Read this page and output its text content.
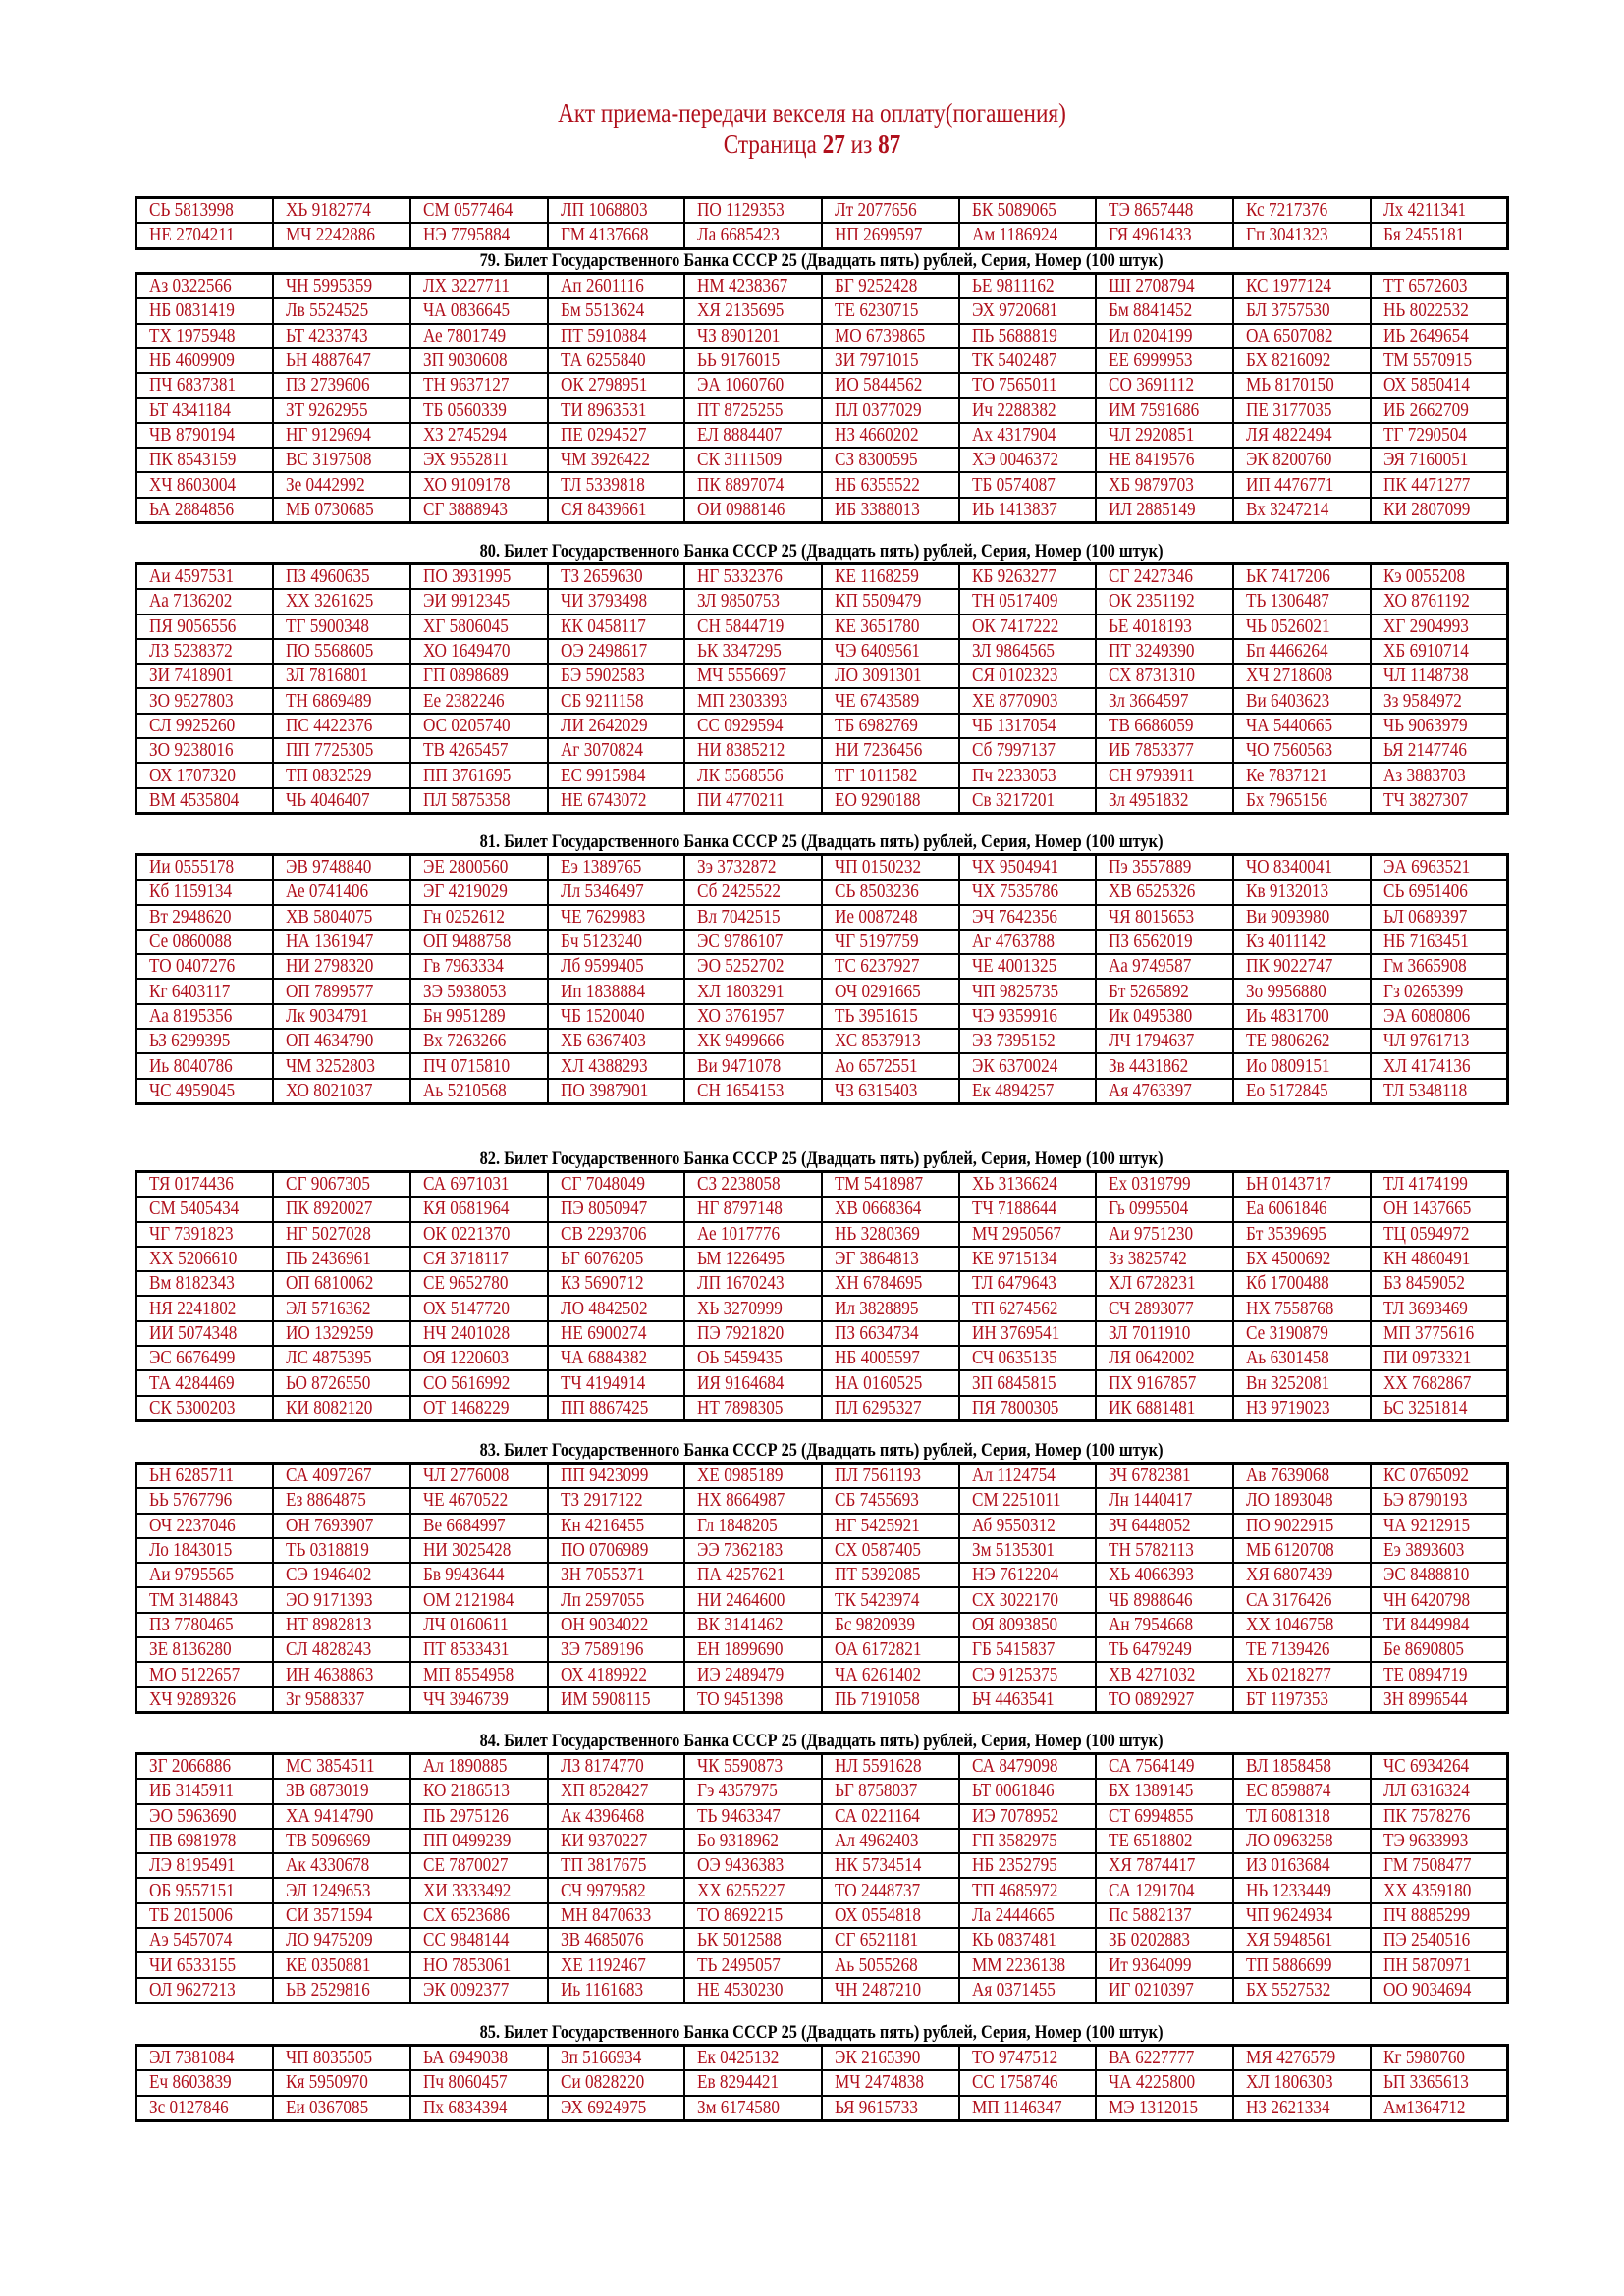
Акт приема-передачи векселя на оплату(погашения)
Страница 27 из 87
СЬ 5813998	ХЬ 9182774	СМ 0577464	ЛП 1068803	ПО 1129353	Лт 2077656	БК 5089065	ТЭ 8657448	Кс 7217376	Лх 4211341
НЕ 2704211	МЧ 2242886	НЭ 7795884	ГМ 4137668	Ла 6685423	НП 2699597	Ам 1186924	ГЯ 4961433	Гп 3041323	Бя 2455181
79. Билет Государственного Банка СССР 25 (Двадцать пять) рублей, Серия, Номер (100 штук)
Аз 0322566	ЧН 5995359	ЛХ 3227711	Ап 2601116	НМ 4238367	БГ 9252428	ЬЕ 9811162	ШI 2708794	КС 1977124	ТТ 6572603
НБ 0831419	Лв 5524525	ЧА 0836645	Бм 5513624	ХЯ 2135695	ТЕ 6230715	ЭХ 9720681	Бм 8841452	БЛ 3757530	НЬ 8022532
ТХ 1975948	ЬТ 4233743	Ае 7801749	ПТ 5910884	ЧЗ 8901201	МО 6739865	ПЬ 5688819	Ил 0204199	ОА 6507082	ИЬ 2649654
НБ 4609909	ЬН 4887647	ЗП 9030608	ТА 6255840	ЬЬ 9176015	ЗИ 7971015	ТК 5402487	ЕЕ 6999953	БХ 8216092	ТМ 5570915
ПЧ 6837381	ПЗ 2739606	ТН 9637127	ОК 2798951	ЭА 1060760	ИО 5844562	ТО 7565011	СО 3691112	МЬ 8170150	ОХ 5850414
ЬТ 4341184	ЗТ 9262955	ТБ 0560339	ТИ 8963531	ПТ 8725255	ПЛ 0377029	Ич 2288382	ИМ 7591686	ПЕ 3177035	ИБ 2662709
ЧВ 8790194	НГ 9129694	ХЗ 2745294	ПЕ 0294527	ЕЛ 8884407	НЗ 4660202	Ах 4317904	ЧЛ 2920851	ЛЯ 4822494	ТГ 7290504
ПК 8543159	ВС 3197508	ЭХ 9552811	ЧМ 3926422	СК 3111509	СЗ 8300595	ХЭ 0046372	НЕ 8419576	ЭК 8200760	ЭЯ 7160051
ХЧ 8603004	Зе 0442992	ХО 9109178	ТЛ 5339818	ПК 8897074	НБ 6355522	ТБ 0574087	ХБ 9879703	ИП 4476771	ПК 4471277
ЬА 2884856	МБ 0730685	СГ 3888943	СЯ 8439661	ОИ 0988146	ИБ 3388013	ИЬ 1413837	ИЛ 2885149	Вх 3247214	КИ 2807099
80. Билет Государственного Банка СССР 25 (Двадцать пять) рублей, Серия, Номер (100 штук)
Аи 4597531	ПЗ 4960635	ПО 3931995	ТЗ 2659630	НГ 5332376	КЕ 1168259	КБ 9263277	СГ 2427346	ЬК 7417206	Кэ 0055208
Аа 7136202	ХХ 3261625	ЭИ 9912345	ЧИ 3793498	ЗЛ 9850753	КП 5509479	ТН 0517409	ОК 2351192	ТЬ 1306487	ХО 8761192
ПЯ 9056556	ТГ 5900348	ХГ 5806045	КК 0458117	СН 5844719	КЕ 3651780	ОК 7417222	ЬЕ 4018193	ЧЬ 0526021	ХГ 2904993
ЛЗ 5238372	ПО 5568605	ХО 1649470	ОЭ 2498617	ЬК 3347295	ЧЭ 6409561	ЗЛ 9864565	ПТ 3249390	Бп 4466264	ХБ 6910714
ЗИ 7418901	ЗЛ 7816801	ГП 0898689	БЭ 5902583	МЧ 5556697	ЛО 3091301	СЯ 0102323	СХ 8731310	ХЧ 2718608	ЧЛ 1148738
ЗО 9527803	ТН 6869489	Ее 2382246	СБ 9211158	МП 2303393	ЧЕ 6743589	ХЕ 8770903	Зл 3664597	Ви 6403623	Зз 9584972
СЛ 9925260	ПС 4422376	ОС 0205740	ЛИ 2642029	СС 0929594	ТБ 6982769	ЧБ 1317054	ТВ 6686059	ЧА 5440665	ЧЬ 9063979
ЗО 9238016	ПП 7725305	ТВ 4265457	Аг 3070824	НИ 8385212	НИ 7236456	Сб 7997137	ИБ 7853377	ЧО 7560563	ЬЯ 2147746
ОХ 1707320	ТП 0832529	ПП 3761695	ЕС 9915984	ЛК 5568556	ТГ 1011582	Пч 2233053	СН 9793911	Ке 7837121	Аз 3883703
ВМ 4535804	ЧЬ 4046407	ПЛ 5875358	НЕ 6743072	ПИ 4770211	ЕО 9290188	Св 3217201	Зл 4951832	Бх 7965156	ТЧ 3827307
81. Билет Государственного Банка СССР 25 (Двадцать пять) рублей, Серия, Номер (100 штук)
Ии 0555178	ЭВ 9748840	ЭЕ 2800560	Еэ 1389765	Зэ 3732872	ЧП 0150232	ЧХ 9504941	Пэ 3557889	ЧО 8340041	ЭА 6963521
Кб 1159134	Ае 0741406	ЭГ 4219029	Лл 5346497	Сб 2425522	СЬ 8503236	ЧХ 7535786	ХВ 6525326	Кв 9132013	СЬ 6951406
Вт 2948620	ХВ 5804075	Гн 0252612	ЧЕ 7629983	Вл 7042515	Ие 0087248	ЭЧ 7642356	ЧЯ 8015653	Ви 9093980	ЬЛ 0689397
Се 0860088	НА 1361947	ОП 9488758	Бч 5123240	ЭС 9786107	ЧГ 5197759	Аг 4763788	ПЗ 6562019	Кз 4011142	НБ 7163451
ТО 0407276	НИ 2798320	Гв 7963334	Лб 9599405	ЭО 5252702	ТС 6237927	ЧЕ 4001325	Аа 9749587	ПК 9022747	Гм 3665908
Кг 6403117	ОП 7899577	ЗЭ 5938053	Ип 1838884	ХЛ 1803291	ОЧ 0291665	ЧП 9825735	Бт 5265892	Зо 9956880	Гз 0265399
Аа 8195356	Лк 9034791	Бн 9951289	ЧБ 1520040	ХО 3761957	ТЬ 3951615	ЧЭ 9359916	Ик 0495380	Иь 4831700	ЭА 6080806
ЬЗ 6299395	ОП 4634790	Вх 7263266	ХБ 6367403	ХК 9499666	ХС 8537913	ЭЗ 7395152	ЛЧ 1794637	ТЕ 9806262	ЧЛ 9761713
Иь 8040786	ЧМ 3252803	ПЧ 0715810	ХЛ 4388293	Ви 9471078	Ао 6572551	ЭК 6370024	Зв 4431862	Ио 0809151	ХЛ 4174136
ЧС 4959045	ХО 8021037	Аь 5210568	ПО 3987901	СН 1654153	ЧЗ 6315403	Ек 4894257	Ая 4763397	Ео 5172845	ТЛ 5348118
82. Билет Государственного Банка СССР 25 (Двадцать пять) рублей, Серия, Номер (100 штук)
ТЯ 0174436	СГ 9067305	СА 6971031	СГ 7048049	СЗ 2238058	ТМ 5418987	ХЬ 3136624	Ех 0319799	ЬН 0143717	ТЛ 4174199
СМ 5405434	ПК 8920027	КЯ 0681964	ПЭ 8050947	НГ 8797148	ХВ 0668364	ТЧ 7188644	Гь 0995504	Еа 6061846	ОН 1437665
ЧГ 7391823	НГ 5027028	ОК 0221370	СВ 2293706	Ае 1017776	НЬ 3280369	МЧ 2950567	Аи 9751230	Бт 3539695	ТЦ 0594972
ХХ 5206610	ПЬ 2436961	СЯ 3718117	ЬГ 6076205	ЬМ 1226495	ЭГ 3864813	КЕ 9715134	Зз 3825742	БХ 4500692	КН 4860491
Вм 8182343	ОП 6810062	СЕ 9652780	КЗ 5690712	ЛП 1670243	ХН 6784695	ТЛ 6479643	ХЛ 6728231	Кб 1700488	БЗ 8459052
НЯ 2241802	ЭЛ 5716362	ОХ 5147720	ЛО 4842502	ХЬ 3270999	Ил 3828895	ТП 6274562	СЧ 2893077	НХ 7558768	ТЛ 3693469
ИИ 5074348	ИО 1329259	НЧ 2401028	НЕ 6900274	ПЭ 7921820	ПЗ 6634734	ИН 3769541	ЗЛ 7011910	Се 3190879	МП 3775616
ЭС 6676499	ЛС 4875395	ОЯ 1220603	ЧА 6884382	ОЬ 5459435	НБ 4005597	СЧ 0635135	ЛЯ 0642002	Аь 6301458	ПИ 0973321
ТА 4284469	ЬО 8726550	СО 5616992	ТЧ 4194914	ИЯ 9164684	НА 0160525	ЗП 6845815	ПХ 9167857	Вн 3252081	ХХ 7682867
СК 5300203	КИ 8082120	ОТ 1468229	ПП 8867425	НТ 7898305	ПЛ 6295327	ПЯ 7800305	ИК 6881481	НЗ 9719023	ЬС 3251814
83. Билет Государственного Банка СССР 25 (Двадцать пять) рублей, Серия, Номер (100 штук)
ЬН 6285711	СА 4097267	ЧЛ 2776008	ПП 9423099	ХЕ 0985189	ПЛ 7561193	Ал 1124754	ЗЧ 6782381	Ав 7639068	КС 0765092
ЬЬ 5767796	Ез 8864875	ЧЕ 4670522	ТЗ 2917122	НХ 8664987	СБ 7455693	СМ 2251011	Лн 1440417	ЛО 1893048	ЬЭ 8790193
ОЧ 2237046	ОН 7693907	Ве 6684997	Кн 4216455	Гл 1848205	НГ 5425921	Аб 9550312	ЗЧ 6448052	ПО 9022915	ЧА 9212915
Ло 1843015	ТЬ 0318819	НИ 3025428	ПО 0706989	ЭЭ 7362183	СХ 0587405	Зм 5135301	ТН 5782113	МБ 6120708	Еэ 3893603
Аи 9795565	СЭ 1946402	Бв 9943644	ЗН 7055371	ПА 4257621	ПТ 5392085	НЭ 7612204	ХЬ 4066393	ХЯ 6807439	ЭС 8488810
ТМ 3148843	ЭО 9171393	ОМ 2121984	Лп 2597055	НИ 2464600	ТК 5423974	СХ 3022170	ЧБ 8988646	СА 3176426	ЧН 6420798
ПЗ 7780465	НТ 8982813	ЛЧ 0160611	ОН 9034022	ВК 3141462	Бс 9820939	ОЯ 8093850	Ан 7954668	ХХ 1046758	ТИ 8449984
ЗЕ 8136280	СЛ 4828243	ПТ 8533431	ЗЭ 7589196	ЕН 1899690	ОА 6172821	ГБ 5415837	ТЬ 6479249	ТЕ 7139426	Бе 8690805
МО 5122657	ИН 4638863	МП 8554958	ОХ 4189922	ИЭ 2489479	ЧА 6261402	СЭ 9125375	ХВ 4271032	ХЬ 0218277	ТЕ 0894719
ХЧ 9289326	Зг 9588337	ЧЧ 3946739	ИМ 5908115	ТО 9451398	ПЬ 7191058	ЬЧ 4463541	ТО 0892927	БТ 1197353	ЗН 8996544
84. Билет Государственного Банка СССР 25 (Двадцать пять) рублей, Серия, Номер (100 штук)
ЗГ 2066886	МС 3854511	Ал 1890885	ЛЗ 8174770	ЧК 5590873	НЛ 5591628	СА 8479098	СА 7564149	ВЛ 1858458	ЧС 6934264
ИБ 3145911	ЗВ 6873019	КО 2186513	ХП 8528427	Гэ 4357975	ЬГ 8758037	ЬТ 0061846	БХ 1389145	ЕС 8598874	ЛЛ 6316324
ЭО 5963690	ХА 9414790	ПЬ 2975126	Ак 4396468	ТЬ 9463347	СА 0221164	ИЭ 7078952	СТ 6994855	ТЛ 6081318	ПК 7578276
ПВ 6981978	ТВ 5096969	ПП 0499239	КИ 9370227	Бо 9318962	Ал 4962403	ГП 3582975	ТЕ 6518802	ЛО 0963258	ТЭ 9633993
ЛЭ 8195491	Ак 4330678	СЕ 7870027	ТП 3817675	ОЭ 9436383	НК 5734514	НБ 2352795	ХЯ 7874417	ИЗ 0163684	ГМ 7508477
ОБ 9557151	ЭЛ 1249653	ХИ 3333492	СЧ 9979582	ХХ 6255227	ТО 2448737	ТП 4685972	СА 1291704	НЬ 1233449	ХХ 4359180
ТБ 2015006	СИ 3571594	СХ 6523686	МН 8470633	ТО 8692215	ОХ 0554818	Ла 2444665	Пс 5882137	ЧП 9624934	ПЧ 8885299
Аэ 5457074	ЛО 9475209	СС 9848144	ЗВ 4685076	ЬК 5012588	СГ 6521181	КЬ 0837481	ЗБ 0202883	ХЯ 5948561	ПЭ 2540516
ЧИ 6533155	КЕ 0350881	НО 7853061	ХЕ 1192467	ТЬ 2495057	Аь 5055268	ММ 2236138	Ит 9364099	ТП 5886699	ПН 5870971
ОЛ 9627213	ЬВ 2529816	ЭК 0092377	Иь 1161683	НЕ 4530230	ЧН 2487210	Ая 0371455	ИГ 0210397	БХ 5527532	ОО 9034694
85. Билет Государственного Банка СССР 25 (Двадцать пять) рублей, Серия, Номер (100 штук)
ЭЛ 7381084	ЧП 8035505	ЬА 6949038	Зп 5166934	Ек 0425132	ЭК 2165390	ТО 9747512	ВА 6227777	МЯ 4276579	Кг 5980760
Еч 8603839	Кя 5950970	Пч 8060457	Си 0828220	Ев 8294421	МЧ 2474838	СС 1758746	ЧА 4225800	ХЛ 1806303	ЬП 3365613
Зс 0127846	Еи 0367085	Пх 6834394	ЭХ 6924975	Зм 6174580	ЬЯ 9615733	МП 1146347	МЭ 1312015	НЗ 2621334	Ам1364712
